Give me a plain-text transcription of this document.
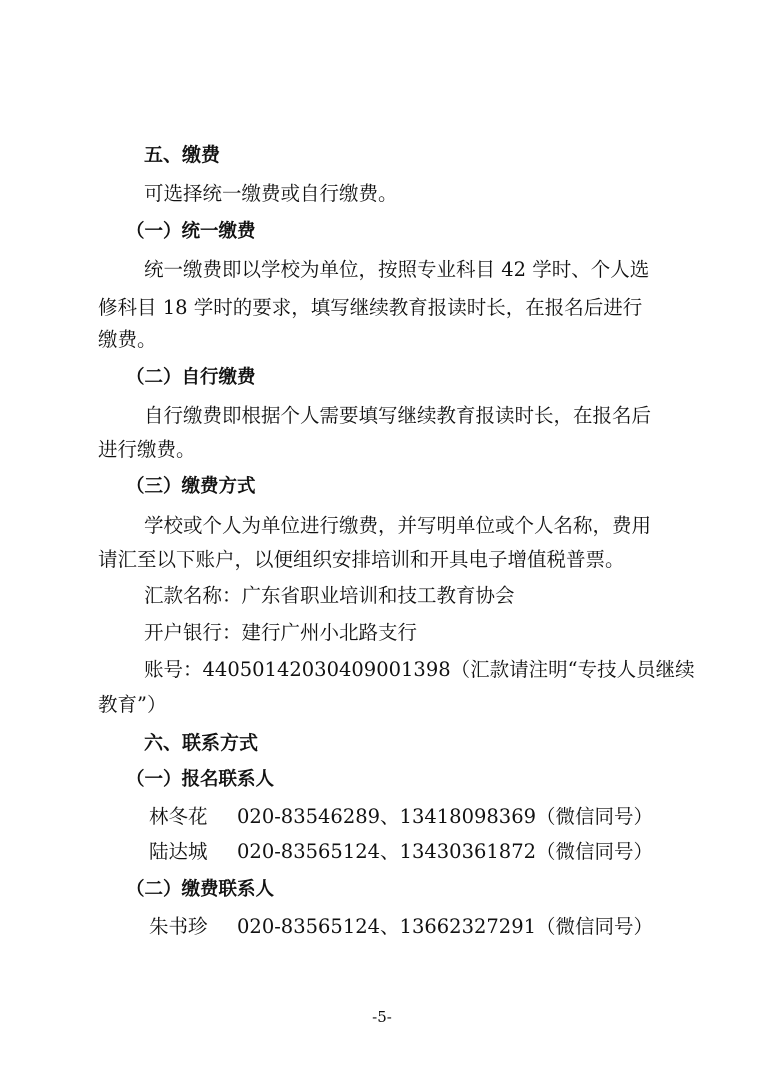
五、缴费
可选择统一缴费或自行缴费。
（一）统一缴费
统一缴费即以学校为单位，按照专业科目 42 学时、个人选
修科目 18 学时的要求，填写继续教育报读时长，在报名后进行
缴费。
（二）自行缴费
自行缴费即根据个人需要填写继续教育报读时长，在报名后
进行缴费。
（三）缴费方式
学校或个人为单位进行缴费，并写明单位或个人名称，费用
请汇至以下账户，以便组织安排培训和开具电子增值税普票。
汇款名称：广东省职业培训和技工教育协会
开户银行：建行广州小北路支行
账号：44050142030409001398（汇款请注明“专技人员继续
教育”）
六、联系方式
（一）报名联系人
林冬花 020-83546289、13418098369（微信同号）
陆达城 020-83565124、13430361872（微信同号）
（二）缴费联系人
朱书珍 020-83565124、13662327291（微信同号）
-5-
